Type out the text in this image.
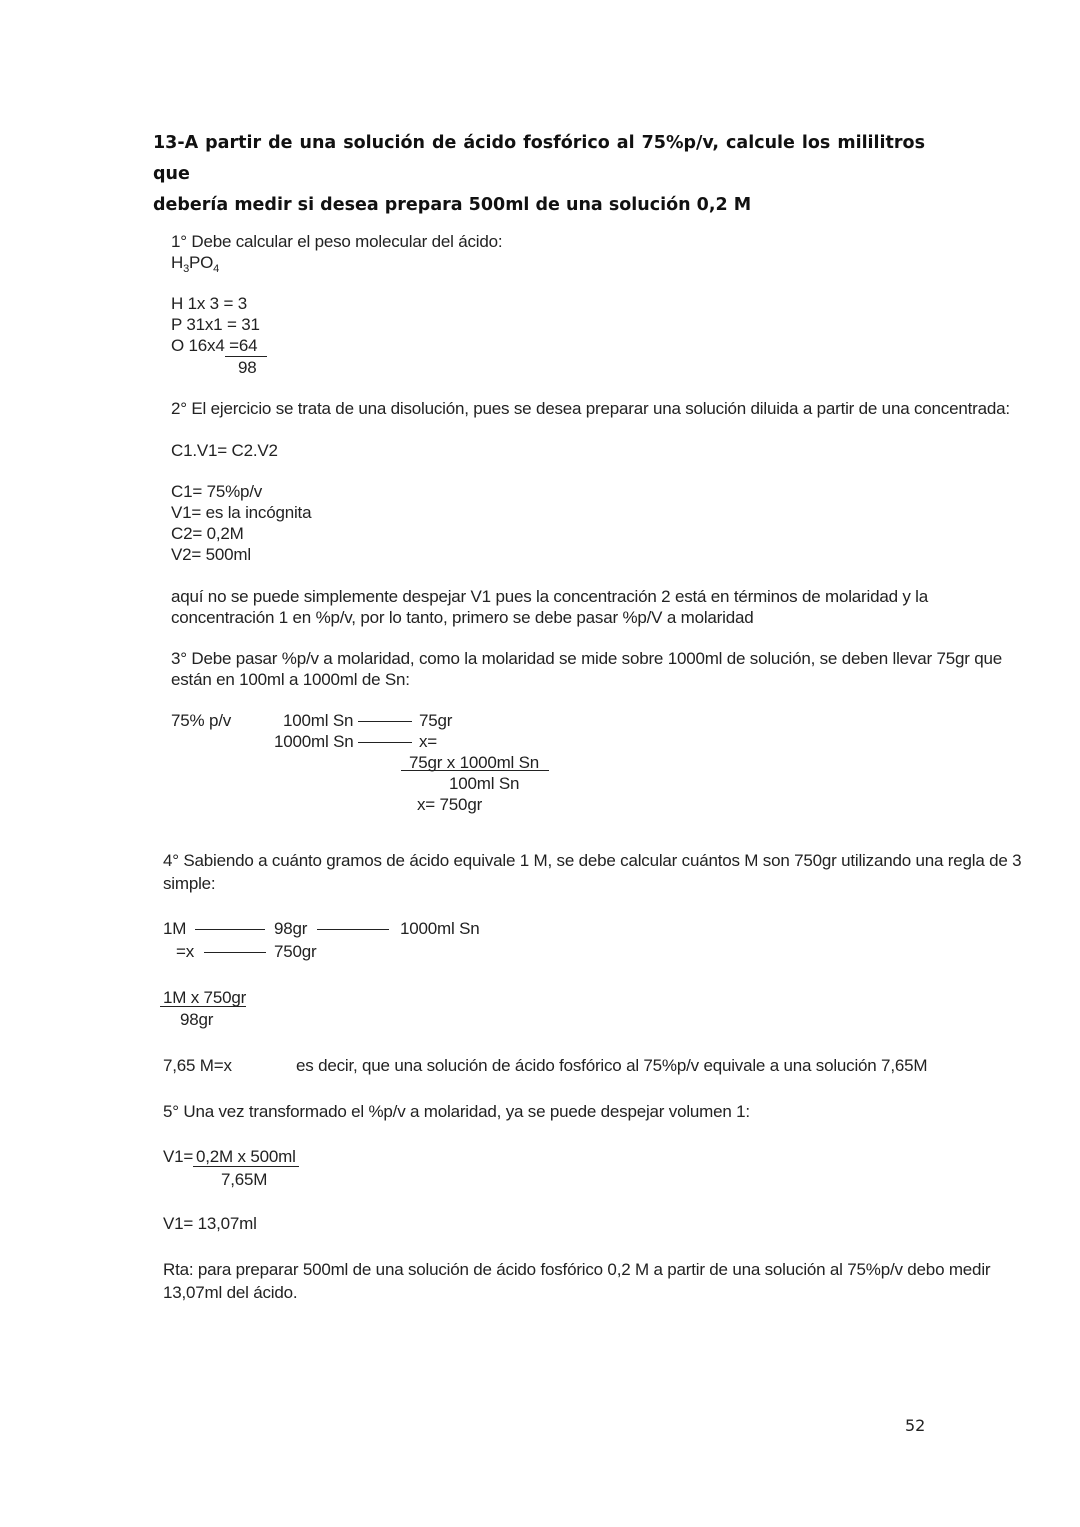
13-A partir de una solución de ácido fosfórico al 75%p/v, calcule los mililitros que
debería medir si desea prepara 500ml de una solución 0,2 M
1° Debe calcular el peso molecular del ácido:
$H_3PO_4$
H 1x 3 = 3
P 31x1 = 31
O 16x4 =64
98
2° El ejercicio se trata de una disolución, pues se desea preparar una solución diluida a partir de una concentrada:
C1.V1= C2.V2
C1= 75%p/v
V1= es la incógnita
C2= 0,2M
V2= 500ml
aquí no se puede simplemente despejar V1 pues la concentración 2 está en términos de molaridad y la
concentración 1 en %p/v, por lo tanto, primero se debe pasar %p/V a molaridad
3° Debe pasar %p/v a molaridad, como la molaridad se mide sobre 1000ml de solución, se deben llevar 75gr que
están en 100ml a 1000ml de Sn:
75% p/v	100ml Sn	75gr
1000ml Sn	x=
75gr x 1000ml Sn
100ml Sn
x= 750gr
4° Sabiendo a cuánto gramos de ácido equivale 1 M, se debe calcular cuántos M son 750gr utilizando una regla de 3
simple:
1M	98gr	1000ml Sn
=x	750gr
1M x 750gr
98gr
7,65 M=x	es decir, que una solución de ácido fosfórico al 75%p/v equivale a una solución 7,65M
5° Una vez transformado el %p/v a molaridad, ya se puede despejar volumen 1:
V1= 0,2M x 500ml
7,65M
V1= 13,07ml
Rta: para preparar 500ml de una solución de ácido fosfórico 0,2 M a partir de una solución al 75%p/v debo medir
13,07ml del ácido.
52
